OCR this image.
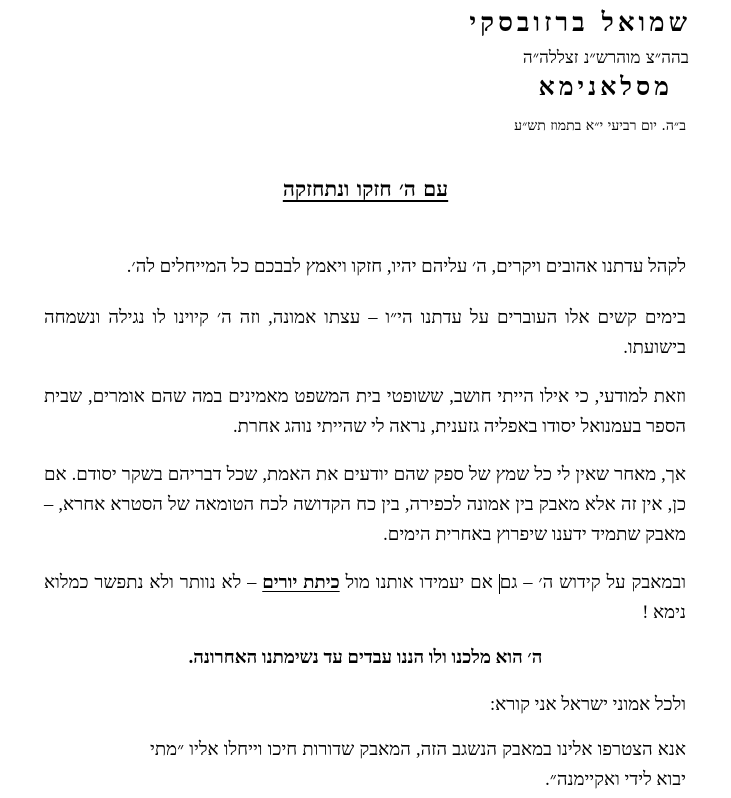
שמואל ברזובסקי
בהה״צ מוהרש״נ זצללה״ה
מסלאנימא
ב״ה. יום רביעי י״א בתמוז תש״ע
עם ה׳ חזקו ונתחזקה
לקהל עדתנו אהובים ויקרים, ה׳ עליהם יהיו, חזקו ויאמץ לבבכם כל המייחלים לה׳.
בימים קשים אלו העוברים על עדתנו הי״ו – עצתו אמונה, וזה ה׳ קיוינו לו נגילה ונשמחה בישועתו.
וזאת למודעי, כי אילו הייתי חושב, ששופטי בית המשפט מאמינים במה שהם אומרים, שבית הספר בעמנואל יסודו באפליה גזענית, נראה לי שהייתי נוהג אחרת.
אך, מאחר שאין לי כל שמץ של ספק שהם יודעים את האמת, שכל דבריהם בשקר יסודם. אם כן, אין זה אלא מאבק בין אמונה לכפירה, בין כח הקדושה לכח הטומאה של הסטרא אחרא, – מאבק שתמיד ידענו שיפרוץ באחרית הימים.
ובמאבק על קידוש ה׳ – גם אם יעמידו אותנו מול כיתת יורים – לא נוותר ולא נתפשר כמלוא נימא !
ה׳ הוא מלכנו ולו הננו עבדים עד נשימתנו האחרונה.
ולכל אמוני ישראל אני קורא:
אנא הצטרפו אלינו במאבק הנשגב הזה, המאבק שדורות חיכו וייחלו אליו ״מתי יבוא לידי ואקיימנה״.
